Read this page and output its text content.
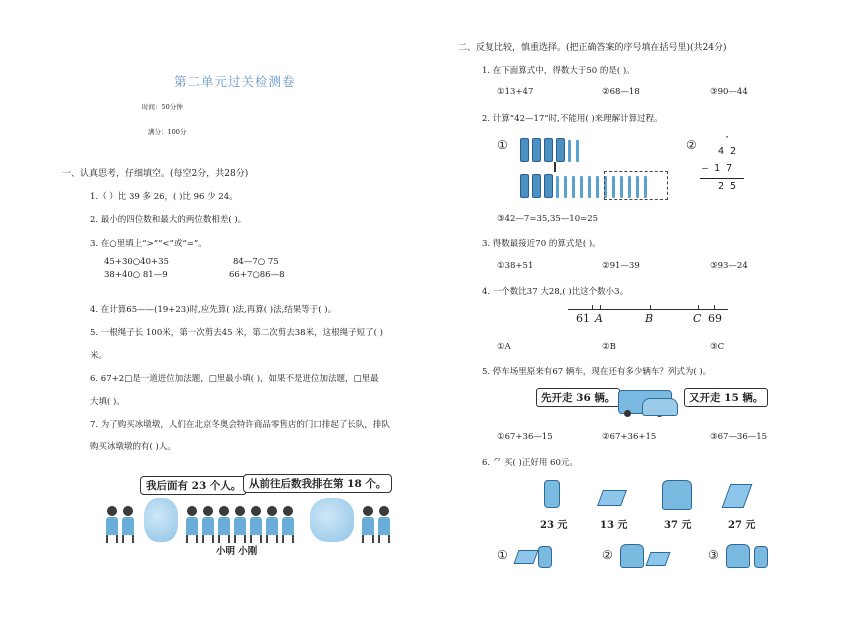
第二单元过关检测卷
时间：50分钟
满分：100分
一、认真思考，仔细填空。(每空2分，共28分)
1.（ ）比 39 多 26，( )比 96 少 24。
2. 最小的四位数和最大的两位数相差( )。
3. 在○里填上“>”“<”或“=”。
45+30○40+35	84—7○ 75
38+40○ 81—9	66+7○86—8
4. 在计算65——(19+23)时,应先算( )法,再算( )法,结果等于( )。
5. 一根绳子长 100米，第一次剪去45 米，第二次剪去38米，这根绳子短了( )
米。
6. 67+2□是一道进位加法题，□里最小填( )，如果不是进位加法题，□里最
大填( )。
7. 为了购买冰墩墩，人们在北京冬奥会特许商品零售店的门口排起了长队，排队
购买冰墩墩的有( )人。
我后面有 23 个人。 从前往后数我排在第 18 个。
小明 小刚
二、反复比较，慎重选择。(把正确答案的序号填在括号里)(共24分)
1. 在下面算式中，得数大于50 的是( )。
①13+47	②68—18	③90—44
2. 计算“42—17”时,不能用( )来理解计算过程。
①	②
·
4 2
— 1 7
2 5
③42—7=35,35—10=25
3. 得数最接近70 的算式是( )。
①38+51	②91—39	③93—24
4. 一个数比37 大28,( )比这个数小3。
61 A	B	C 69
①A	②B	③C
5. 停车场里原来有67 辆车，现在还有多少辆车？列式为( )。
先开走 36 辆。	又开走 15 辆。
①67+36—15	②67+36+15	③67—36—15
6. ⺈ 买( )正好用 60元。
23 元	13 元	37 元	27 元
①	②	③
